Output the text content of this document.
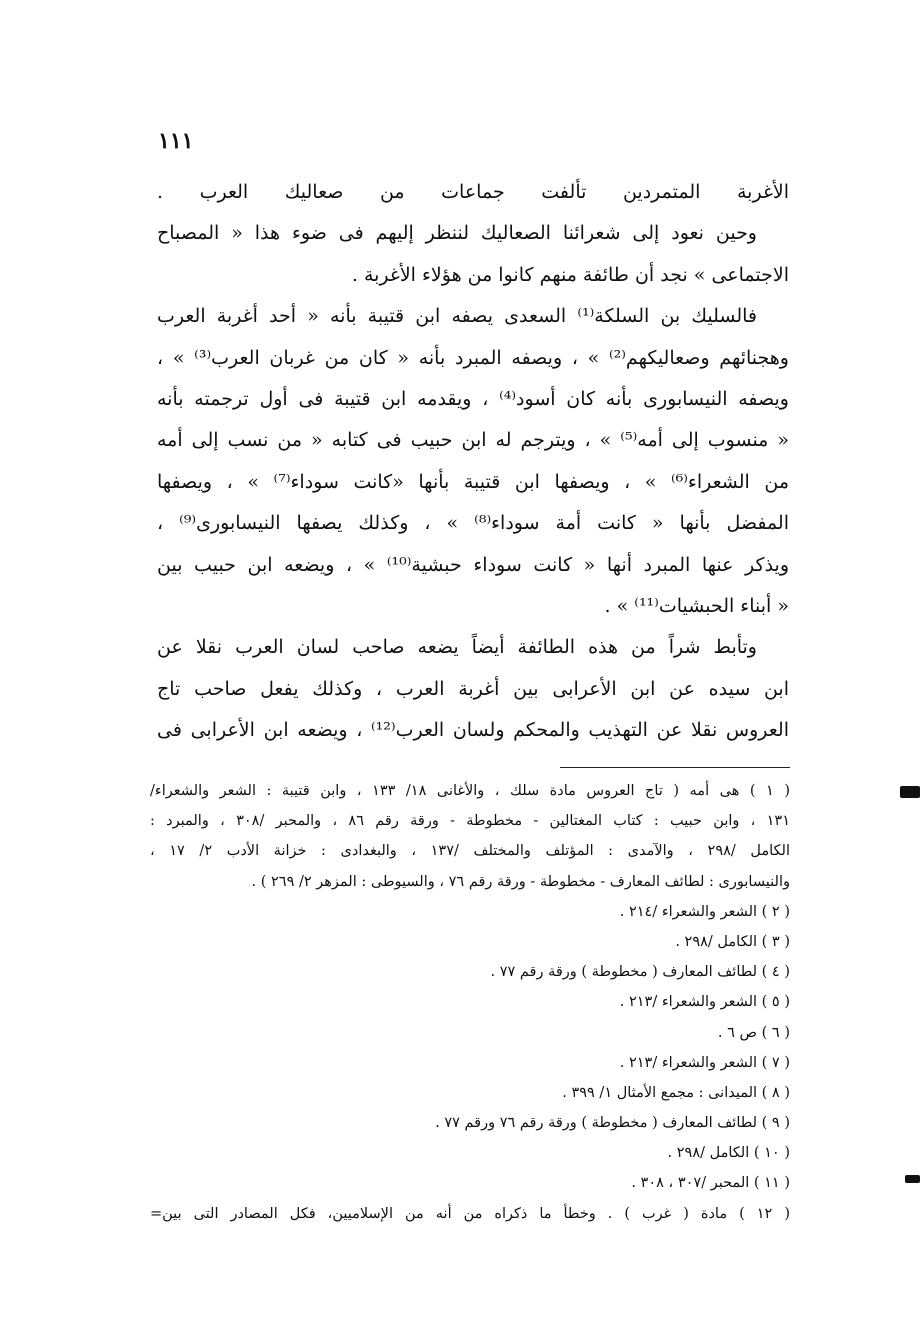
١١١
الأغربة المتمردين تألفت جماعات من صعاليك العرب .
وحين نعود إلى شعرائنا الصعاليك لننظر إليهم فى ضوء هذا « المصباح
الاجتماعى » نجد أن طائفة منهم كانوا من هؤلاء الأغربة .
فالسليك بن السلكة⁽¹⁾ السعدى يصفه ابن قتيبة بأنه « أحد أغربة العرب
وهجنائهم وصعاليكهم⁽²⁾ » ، ويصفه المبرد بأنه « كان من غربان العرب⁽³⁾ » ،
ويصفه النيسابورى بأنه كان أسود⁽⁴⁾ ، ويقدمه ابن قتيبة فى أول ترجمته بأنه
« منسوب إلى أمه⁽⁵⁾ » ، ويترجم له ابن حبيب فى كتابه « من نسب إلى أمه
من الشعراء⁽⁶⁾ » ، ويصفها ابن قتيبة بأنها «كانت سوداء⁽⁷⁾ » ، ويصفها
المفضل بأنها « كانت أمة سوداء⁽⁸⁾ » ، وكذلك يصفها النيسابورى⁽⁹⁾ ،
ويذكر عنها المبرد أنها « كانت سوداء حبشية⁽¹⁰⁾ » ، ويضعه ابن حبيب بين
« أبناء الحبشيات⁽¹¹⁾ » .
وتأبط شراً من هذه الطائفة أيضاً يضعه صاحب لسان العرب نقلا عن
ابن سيده عن ابن الأعرابى بين أغربة العرب ، وكذلك يفعل صاحب تاج
العروس نقلا عن التهذيب والمحكم ولسان العرب⁽¹²⁾ ، ويضعه ابن الأعرابى فى
( ١ ) هى أمه ( تاج العروس مادة سلك ، والأغانى ١٨/ ١٣٣ ، وابن قتيبة : الشعر والشعراء/
١٣١ ، وابن حبيب : كتاب المغتالين - مخطوطة - ورقة رقم ٨٦ ، والمحبر /٣٠٨ ، والمبرد :
الكامل /٢٩٨ ، والآمدى : المؤتلف والمختلف /١٣٧ ، والبغدادى : خزانة الأدب ٢/ ١٧ ،
والنيسابورى : لطائف المعارف - مخطوطة - ورقة رقم ٧٦ ، والسيوطى : المزهر ٢/ ٢٦٩ ) .
( ٢ ) الشعر والشعراء /٢١٤ .
( ٣ ) الكامل /٢٩٨ .
( ٤ ) لطائف المعارف ( مخطوطة ) ورقة رقم ٧٧ .
( ٥ ) الشعر والشعراء /٢١٣ .
( ٦ ) ص ٦ .
( ٧ ) الشعر والشعراء /٢١٣ .
( ٨ ) الميدانى : مجمع الأمثال ١/ ٣٩٩ .
( ٩ ) لطائف المعارف ( مخطوطة ) ورقة رقم ٧٦ ورقم ٧٧ .
( ١٠ ) الكامل /٢٩٨ .
( ١١ ) المحبر /٣٠٧ ، ٣٠٨ .
( ١٢ ) مادة ( غرب ) . وخطأ ما ذكراه من أنه من الإسلاميين، فكل المصادر التى بين=
